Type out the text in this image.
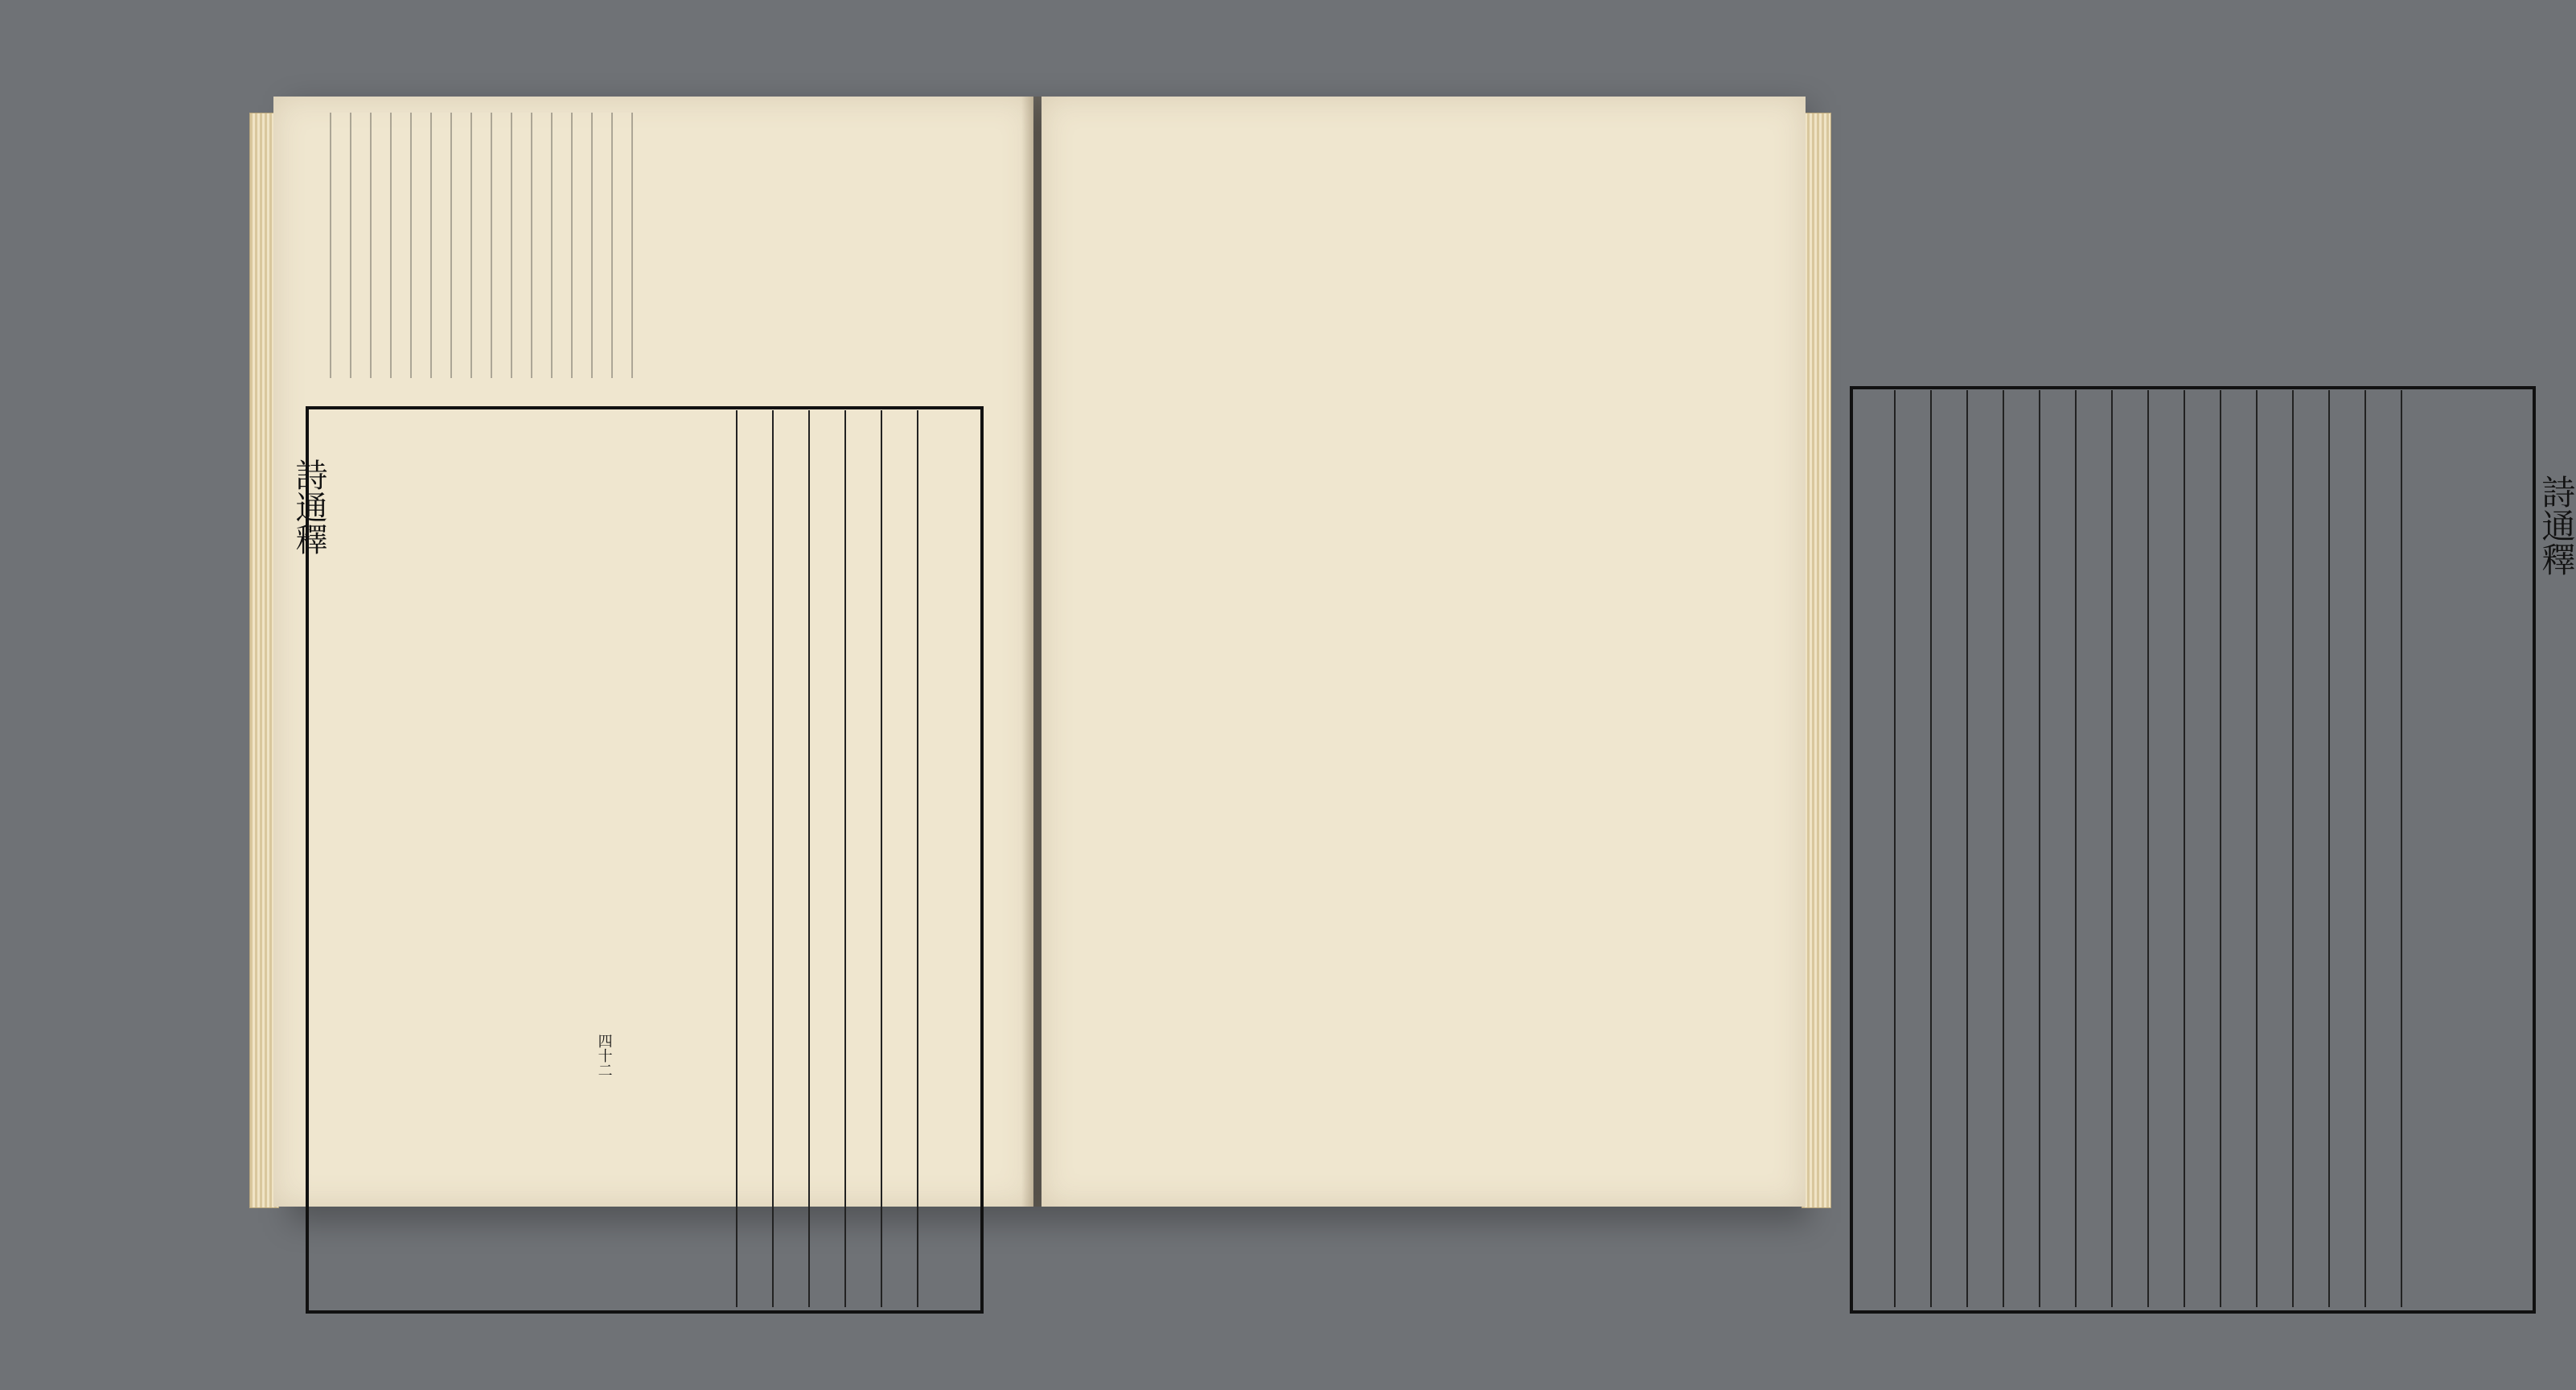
詩通釋
四十二
詩通釋
